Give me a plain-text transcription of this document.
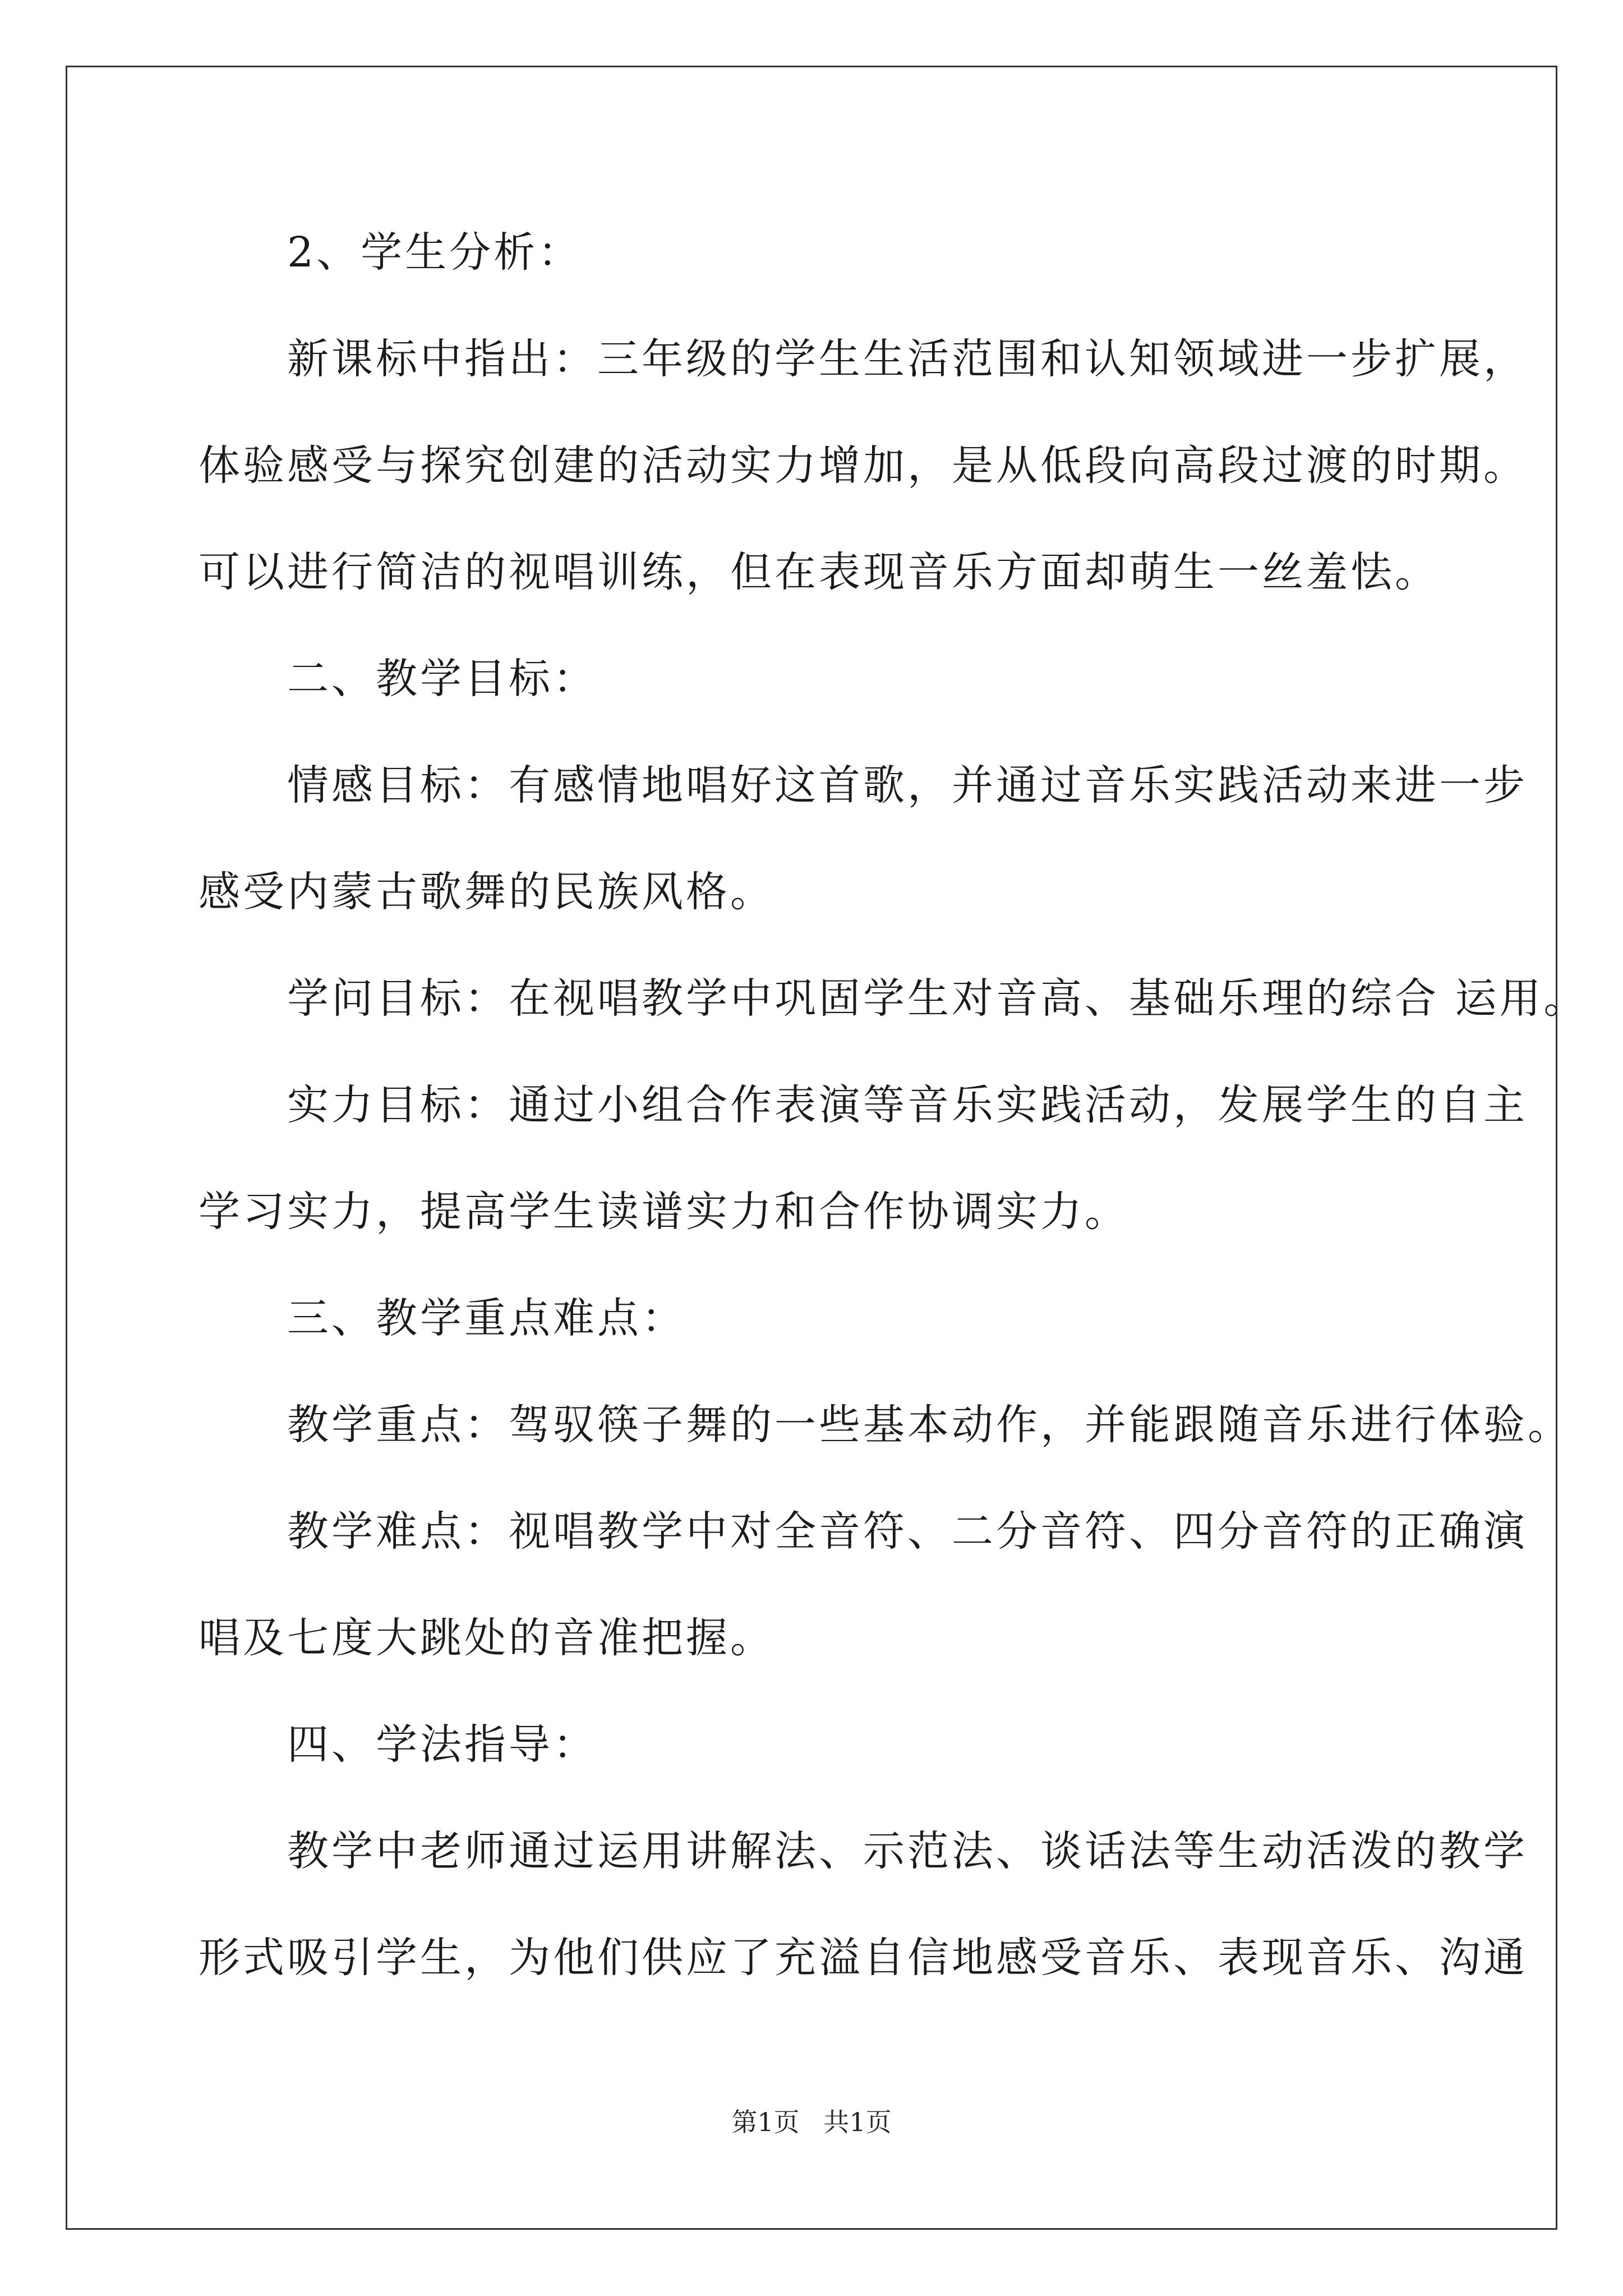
　　2、学生分析：
　　新课标中指出：三年级的学生生活范围和认知领域进一步扩展，
体验感受与探究创建的活动实力增加，是从低段向高段过渡的时期。
可以进行简洁的视唱训练，但在表现音乐方面却萌生一丝羞怯。
　　二、教学目标：
　　情感目标：有感情地唱好这首歌，并通过音乐实践活动来进一步
感受内蒙古歌舞的民族风格。
　　学问目标：在视唱教学中巩固学生对音高、基础乐理的综合 运用。
　　实力目标：通过小组合作表演等音乐实践活动，发展学生的自主
学习实力，提高学生读谱实力和合作协调实力。
　　三、教学重点难点：
　　教学重点：驾驭筷子舞的一些基本动作，并能跟随音乐进行体验。
　　教学难点：视唱教学中对全音符、二分音符、四分音符的正确演
唱及七度大跳处的音准把握。
　　四、学法指导：
　　教学中老师通过运用讲解法、示范法、谈话法等生动活泼的教学
形式吸引学生，为他们供应了充溢自信地感受音乐、表现音乐、沟通
第1页 共1页
